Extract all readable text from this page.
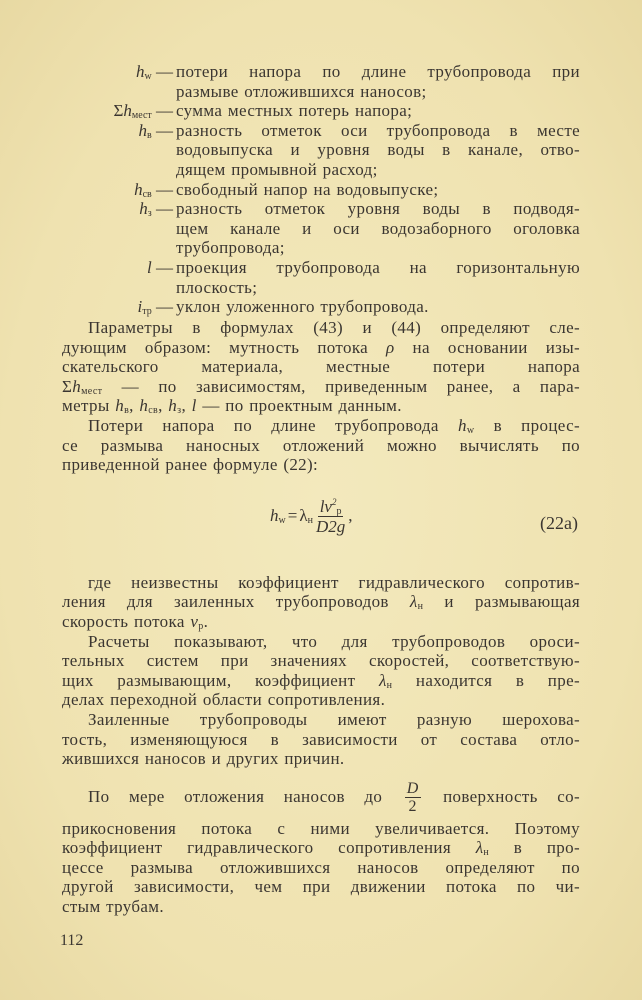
$h_w$ — потери напора по длине трубопровода при
размыве отложившихся наносов;
$\Sigma h_{мест}$ — сумма местных потерь напора;
$h_в$ — разность отметок оси трубопровода в месте
водовыпуска и уровня воды в канале, отво-
дящем промывной расход;
$h_{св}$ — свободный напор на водовыпуске;
$h_з$ — разность отметок уровня воды в подводя-
щем канале и оси водозаборного оголовка
трубопровода;
l — проекция трубопровода на горизонтальную
плоскость;
$i_{тр}$ — уклон уложенного трубопровода.
Параметры в формулах (43) и (44) определяют сле-
дующим образом: мутность потока ρ на основании изы-
скательского материала, местные потери напора
$\Sigma h_{мест}$ — по зависимостям, приведенным ранее, а пара-
метры $h_в$, $h_{св}$, $h_з$, l — по проектным данным.
Потери напора по длине трубопровода $h_w$ в процес-
се размыва наносных отложений можно вычислять по
приведенной ранее формуле (22):
$h_w = \lambda_н \frac{lv^2_р}{D2g}$ ,	(22a)
где неизвестны коэффициент гидравлического сопротив-
ления для заиленных трубопроводов $\lambda_н$ и размывающая
скорость потока $v_р$.
Расчеты показывают, что для трубопроводов ороси-
тельных систем при значениях скоростей, соответствую-
щих размывающим, коэффициент $\lambda_н$ находится в пре-
делах переходной области сопротивления.
Заиленные трубопроводы имеют разную шерохова-
тость, изменяющуюся в зависимости от состава отло-
жившихся наносов и других причин.
По мере отложения наносов до $\frac{D}{2}$ поверхность со-
прикосновения потока с ними увеличивается. Поэтому
коэффициент гидравлического сопротивления $\lambda_н$ в про-
цессе размыва отложившихся наносов определяют по
другой зависимости, чем при движении потока по чи-
стым трубам.
112
